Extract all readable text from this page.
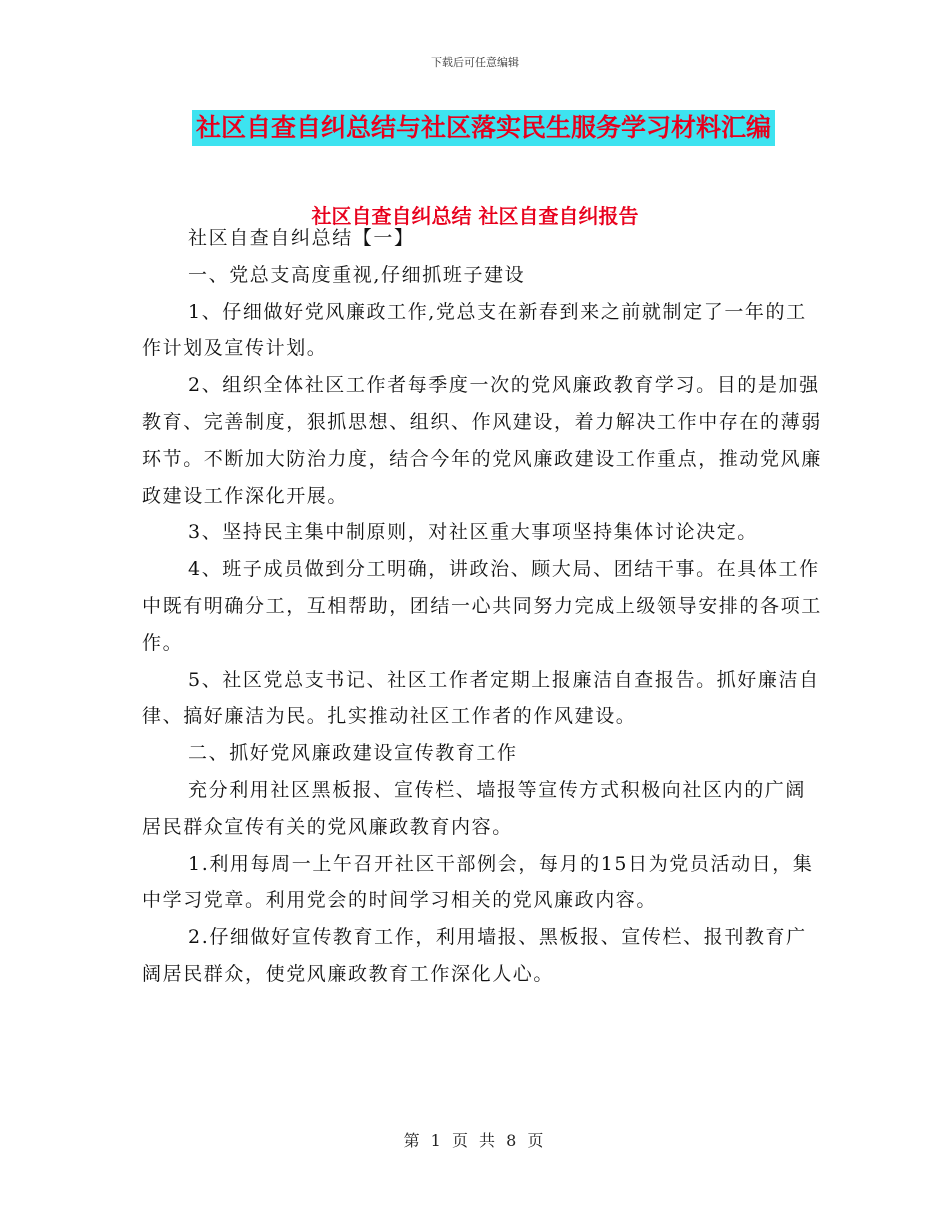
下载后可任意编辑
社区自查自纠总结与社区落实民生服务学习材料汇编
社区自查自纠总结 社区自查自纠报告

社区自查自纠总结【一】

一、党总支高度重视,仔细抓班子建设

1、仔细做好党风廉政工作,党总支在新春到来之前就制定了一年的工作计划及宣传计划。

2、组织全体社区工作者每季度一次的党风廉政教育学习。目的是加强教育、完善制度，狠抓思想、组织、作风建设，着力解决工作中存在的薄弱环节。不断加大防治力度，结合今年的党风廉政建设工作重点，推动党风廉政建设工作深化开展。

3、坚持民主集中制原则，对社区重大事项坚持集体讨论决定。

4、班子成员做到分工明确，讲政治、顾大局、团结干事。在具体工作中既有明确分工，互相帮助，团结一心共同努力完成上级领导安排的各项工作。

5、社区党总支书记、社区工作者定期上报廉洁自查报告。抓好廉洁自律、搞好廉洁为民。扎实推动社区工作者的作风建设。

二、抓好党风廉政建设宣传教育工作

充分利用社区黑板报、宣传栏、墙报等宣传方式积极向社区内的广阔居民群众宣传有关的党风廉政教育内容。

1.利用每周一上午召开社区干部例会，每月的15日为党员活动日，集中学习党章。利用党会的时间学习相关的党风廉政内容。

2.仔细做好宣传教育工作，利用墙报、黑板报、宣传栏、报刊教育广阔居民群众，使党风廉政教育工作深化人心。

第 1 页 共 8 页
